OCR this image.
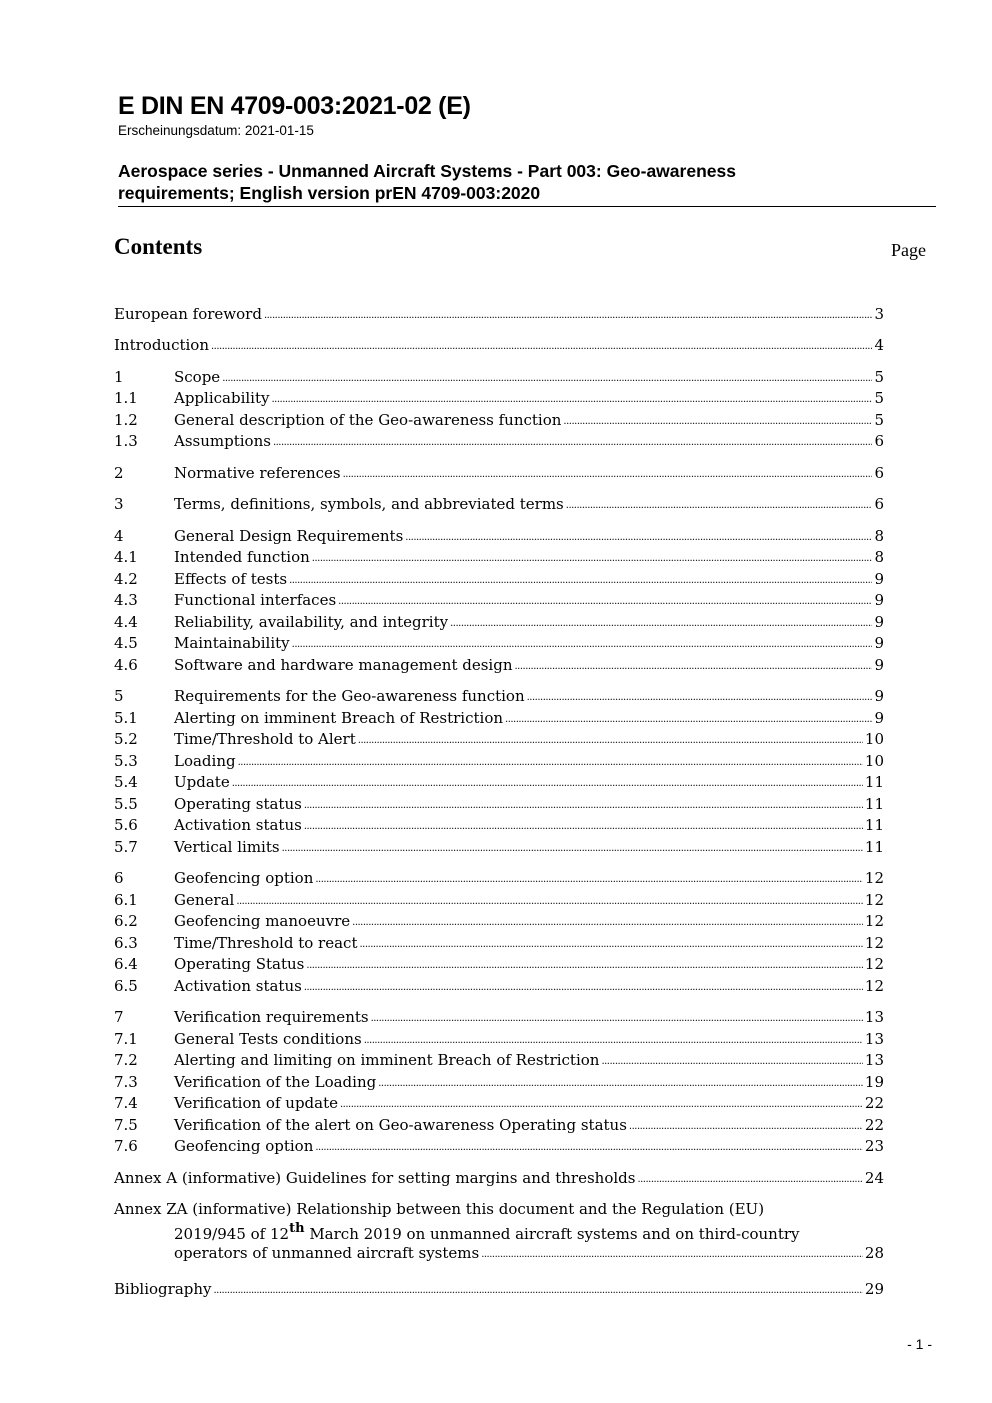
E DIN EN 4709-003:2021-02 (E)
Erscheinungsdatum: 2021-01-15
Aerospace series - Unmanned Aircraft Systems - Part 003: Geo-awareness
requirements; English version prEN 4709-003:2020
Contents	Page
Annex ZA (informative) Relationship between this document and the Regulation (EU)
2019/945 of 12th March 2019 on unmanned aircraft systems and on third-country
operators of unmanned aircraft systems .....	28
Bibliography .....	29
European foreword .....	3
Introduction .....	4
1	Scope .....	5
1.1 Applicability .....	5
1.2 General description of the Geo-awareness function .....	5
1.3 Assumptions .....	6
2	Normative references .....	6
3	Terms, definitions, symbols, and abbreviated terms .....	6
4	General Design Requirements .....	8
4.1 Intended function .....	8
4.2 Effects of tests .....	9
4.3 Functional interfaces .....	9
4.4 Reliability, availability, and integrity .....	9
4.5 Maintainability .....	9
4.6 Software and hardware management design .....	9
5	Requirements for the Geo-awareness function .....	9
5.1 Alerting on imminent Breach of Restriction .....	9
5.2 Time/Threshold to Alert .....	10
5.3 Loading .....	10
5.4 Update .....	11
5.5 Operating status .....	11
5.6 Activation status .....	11
5.7 Vertical limits .....	11
6	Geofencing option .....	12
6.1 General .....	12
6.2 Geofencing manoeuvre .....	12
6.3 Time/Threshold to react .....	12
6.4 Operating Status .....	12
6.5 Activation status .....	12
7	Verification requirements .....	13
7.1 General Tests conditions .....	13
7.2 Alerting and limiting on imminent Breach of Restriction .....	13
7.3 Verification of the Loading .....	19
7.4 Verification of update .....	22
7.5 Verification of the alert on Geo-awareness Operating status .....	22
7.6 Geofencing option .....	23
Annex A (informative) Guidelines for setting margins and thresholds .....	24
- 1 -
